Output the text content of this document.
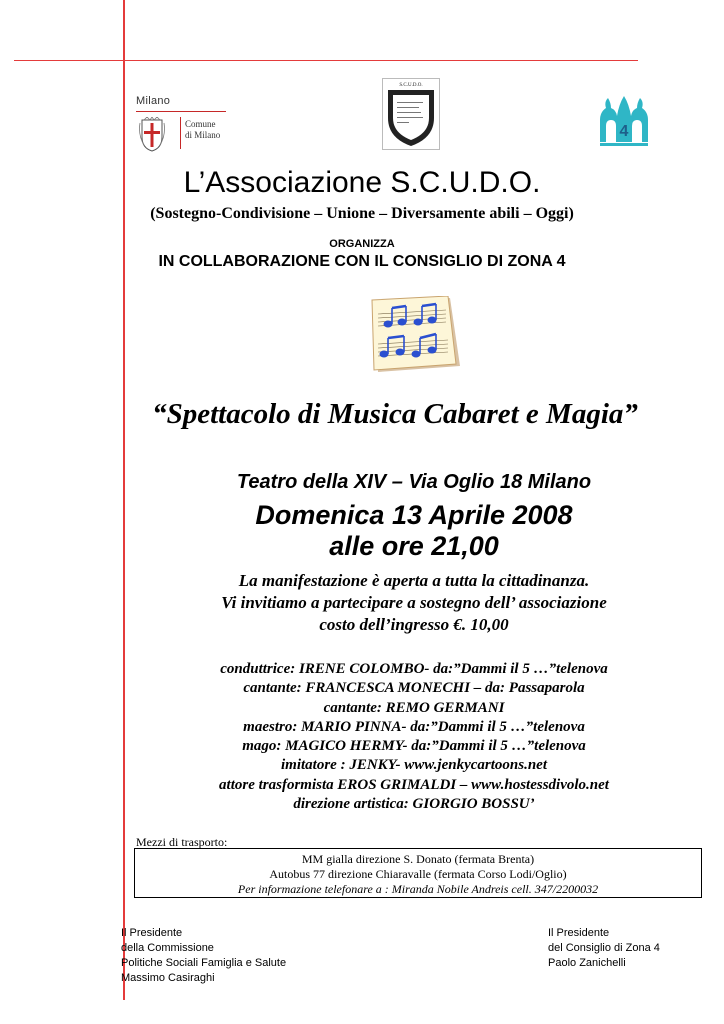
Milano
Comune
di Milano
S.C.U.D.O.
4
L’Associazione S.C.U.D.O.
(Sostegno-Condivisione – Unione – Diversamente abili – Oggi)
ORGANIZZA
IN COLLABORAZIONE CON IL CONSIGLIO DI ZONA 4
“Spettacolo di Musica Cabaret e Magia”
Teatro della XIV – Via Oglio 18 Milano
Domenica 13 Aprile 2008
alle ore 21,00
La manifestazione è aperta a tutta la cittadinanza.
Vi invitiamo a partecipare a sostegno dell’ associazione
costo dell’ingresso €. 10,00
conduttrice: IRENE COLOMBO- da:”Dammi il 5 …”telenova
cantante: FRANCESCA MONECHI – da: Passaparola
cantante: REMO GERMANI
maestro: MARIO PINNA- da:”Dammi il 5 …”telenova
mago: MAGICO HERMY- da:”Dammi il 5 …”telenova
imitatore : JENKY- www.jenkycartoons.net
attore trasformista EROS GRIMALDI – www.hostessdivolo.net
direzione artistica: GIORGIO BOSSU’
Mezzi di trasporto:
MM gialla direzione S. Donato (fermata Brenta)
Autobus 77 direzione Chiaravalle (fermata Corso Lodi/Oglio)
Per informazione telefonare a : Miranda Nobile Andreis cell. 347/2200032
Il Presidente
della Commissione
Politiche Sociali Famiglia e Salute
Massimo Casiraghi
Il Presidente
del Consiglio di Zona 4
Paolo Zanichelli
